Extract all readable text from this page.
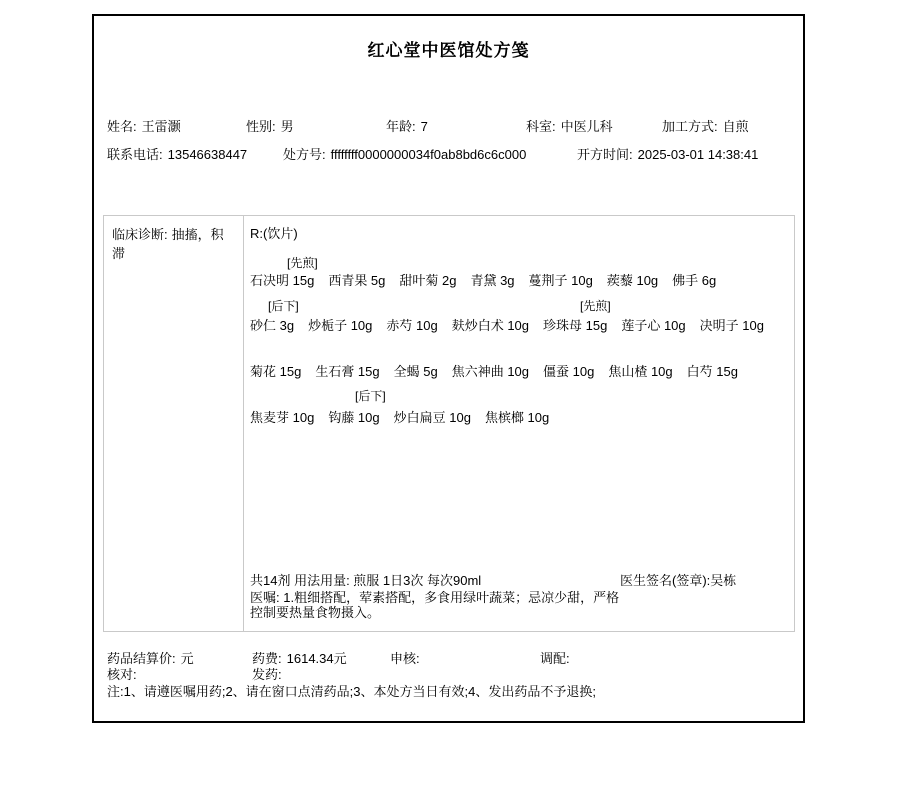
红心堂中医馆处方笺
姓名: 王雷灏	性别: 男	年龄: 7	科室: 中医儿科	加工方式: 自煎
联系电话: 13546638447	处方号: ffffffff0000000034f0ab8bd6c6c000	开方时间: 2025-03-01 14:38:41
临床诊断: 抽搐，积滞
R:(饮片)
[先煎]
石决明 15g 西青果 5g 甜叶菊 2g 青黛 3g 蔓荆子 10g 蒺藜 10g 佛手 6g
[后下]	[先煎]
砂仁 3g 炒栀子 10g 赤芍 10g 麸炒白术 10g 珍珠母 15g 莲子心 10g 决明子 10g
菊花 15g 生石膏 15g 全蝎 5g 焦六神曲 10g 僵蚕 10g 焦山楂 10g 白芍 15g
[后下]
焦麦芽 10g 钩藤 10g 炒白扁豆 10g 焦槟榔 10g
共14剂 用法用量: 煎服 1日3次 每次90ml	医生签名(签章):吴栋
医嘱: 1.粗细搭配，荤素搭配，多食用绿叶蔬菜；忌凉少甜，严格
控制要热量食物摄入。
药品结算价: 元	药费: 1614.34元	申核:	调配:
核对:	发药:
注:1、请遵医嘱用药;2、请在窗口点清药品;3、本处方当日有效;4、发出药品不予退换;
